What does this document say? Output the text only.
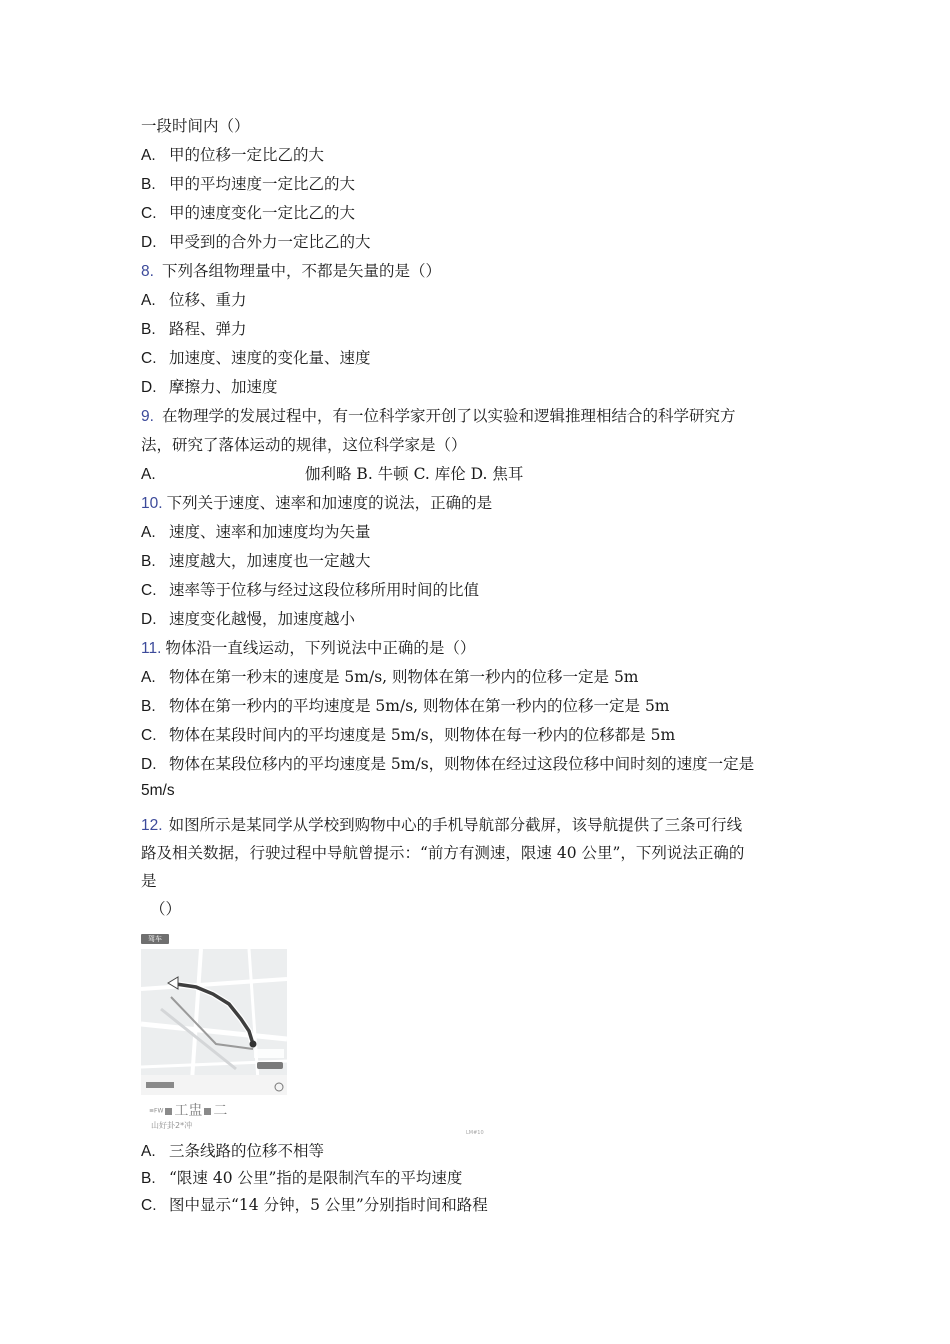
一段时间内（）
A. 甲的位移一定比乙的大
B. 甲的平均速度一定比乙的大
C. 甲的速度变化一定比乙的大
D. 甲受到的合外力一定比乙的大
8. 下列各组物理量中，不都是矢量的是（）
A. 位移、重力
B. 路程、弹力
C. 加速度、速度的变化量、速度
D. 摩擦力、加速度
9. 在物理学的发展过程中，有一位科学家开创了以实验和逻辑推理相结合的科学研究方
法，研究了落体运动的规律，这位科学家是（）
A.	伽利略 B. 牛顿 C. 库伦 D. 焦耳
10. 下列关于速度、速率和加速度的说法，正确的是
A. 速度、速率和加速度均为矢量
B. 速度越大，加速度也一定越大
C. 速率等于位移与经过这段位移所用时间的比值
D. 速度变化越慢，加速度越小
11. 物体沿一直线运动，下列说法中正确的是（）
A. 物体在第一秒末的速度是 5m/s, 则物体在第一秒内的位移一定是 5m
B. 物体在第一秒内的平均速度是 5m/s, 则物体在第一秒内的位移一定是 5m
C. 物体在某段时间内的平均速度是 5m/s，则物体在每一秒内的位移都是 5m
D. 物体在某段位移内的平均速度是 5m/s，则物体在经过这段位移中间时刻的速度一定是
5m/s
12. 如图所示是某同学从学校到购物中心的手机导航部分截屏，该导航提供了三条可行线
路及相关数据，行驶过程中导航曾提示：“前方有测速，限速 40 公里”，下列说法正确的
是
（）
驾车
≡FW 工盅 二
山好卦2*冲
LM#10
A. 三条线路的位移不相等
B. “限速 40 公里”指的是限制汽车的平均速度
C. 图中显示“14 分钟，5 公里”分别指时间和路程
